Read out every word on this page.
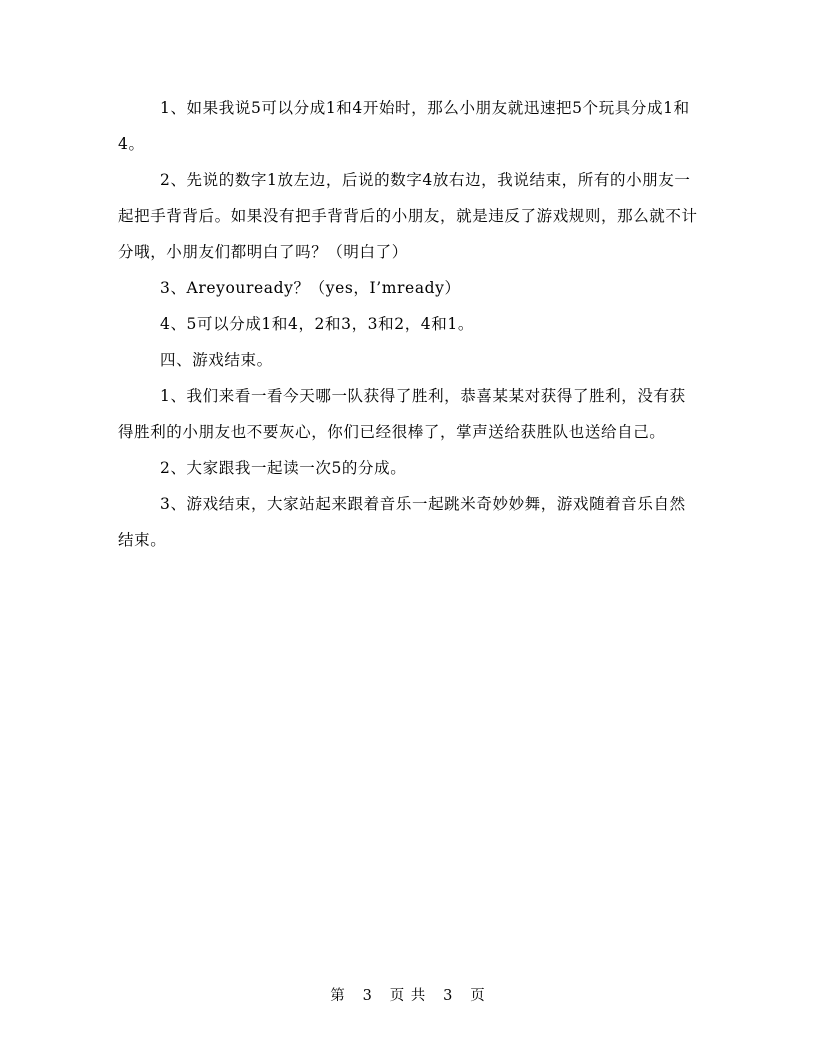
1、如果我说5可以分成1和4开始时，那么小朋友就迅速把5个玩具分成1和4。

2、先说的数字1放左边，后说的数字4放右边，我说结束，所有的小朋友一起把手背背后。如果没有把手背背后的小朋友，就是违反了游戏规则，那么就不计分哦，小朋友们都明白了吗？（明白了）

3、Areyouready？（yes，I’mready）

4、5可以分成1和4，2和3，3和2，4和1。

四、游戏结束。

1、我们来看一看今天哪一队获得了胜利，恭喜某某对获得了胜利，没有获得胜利的小朋友也不要灰心，你们已经很棒了，掌声送给获胜队也送给自己。

2、大家跟我一起读一次5的分成。

3、游戏结束，大家站起来跟着音乐一起跳米奇妙妙舞，游戏随着音乐自然结束。

第 3 页 共 3 页
